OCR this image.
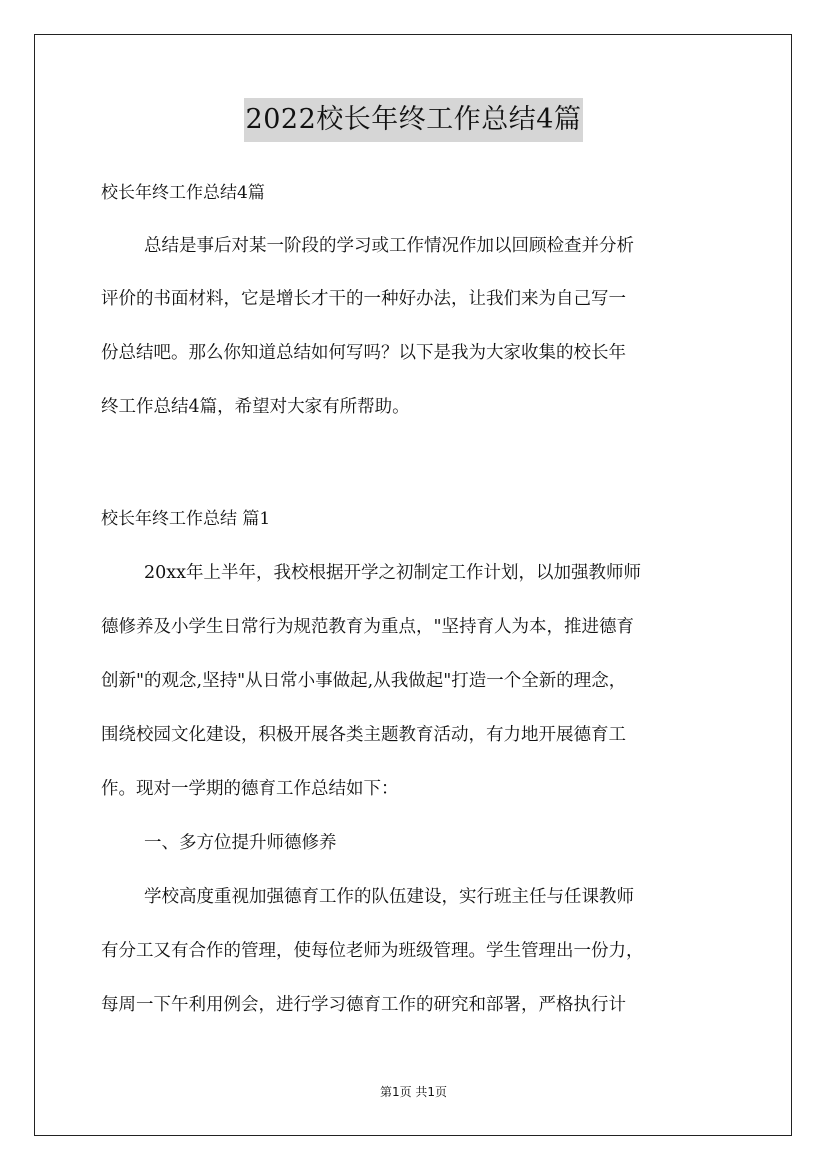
2022校长年终工作总结4篇
校长年终工作总结4篇
总结是事后对某一阶段的学习或工作情况作加以回顾检查并分析
评价的书面材料，它是增长才干的一种好办法，让我们来为自己写一
份总结吧。那么你知道总结如何写吗？以下是我为大家收集的校长年
终工作总结4篇，希望对大家有所帮助。
校长年终工作总结 篇1
20xx年上半年，我校根据开学之初制定工作计划，以加强教师师
德修养及小学生日常行为规范教育为重点，"坚持育人为本，推进德育
创新"的观念,坚持"从日常小事做起,从我做起"打造一个全新的理念，
围绕校园文化建设，积极开展各类主题教育活动，有力地开展德育工
作。现对一学期的德育工作总结如下：
一、多方位提升师德修养
学校高度重视加强德育工作的队伍建设，实行班主任与任课教师
有分工又有合作的管理，使每位老师为班级管理。学生管理出一份力，
每周一下午利用例会，进行学习德育工作的研究和部署，严格执行计
第1页 共1页
